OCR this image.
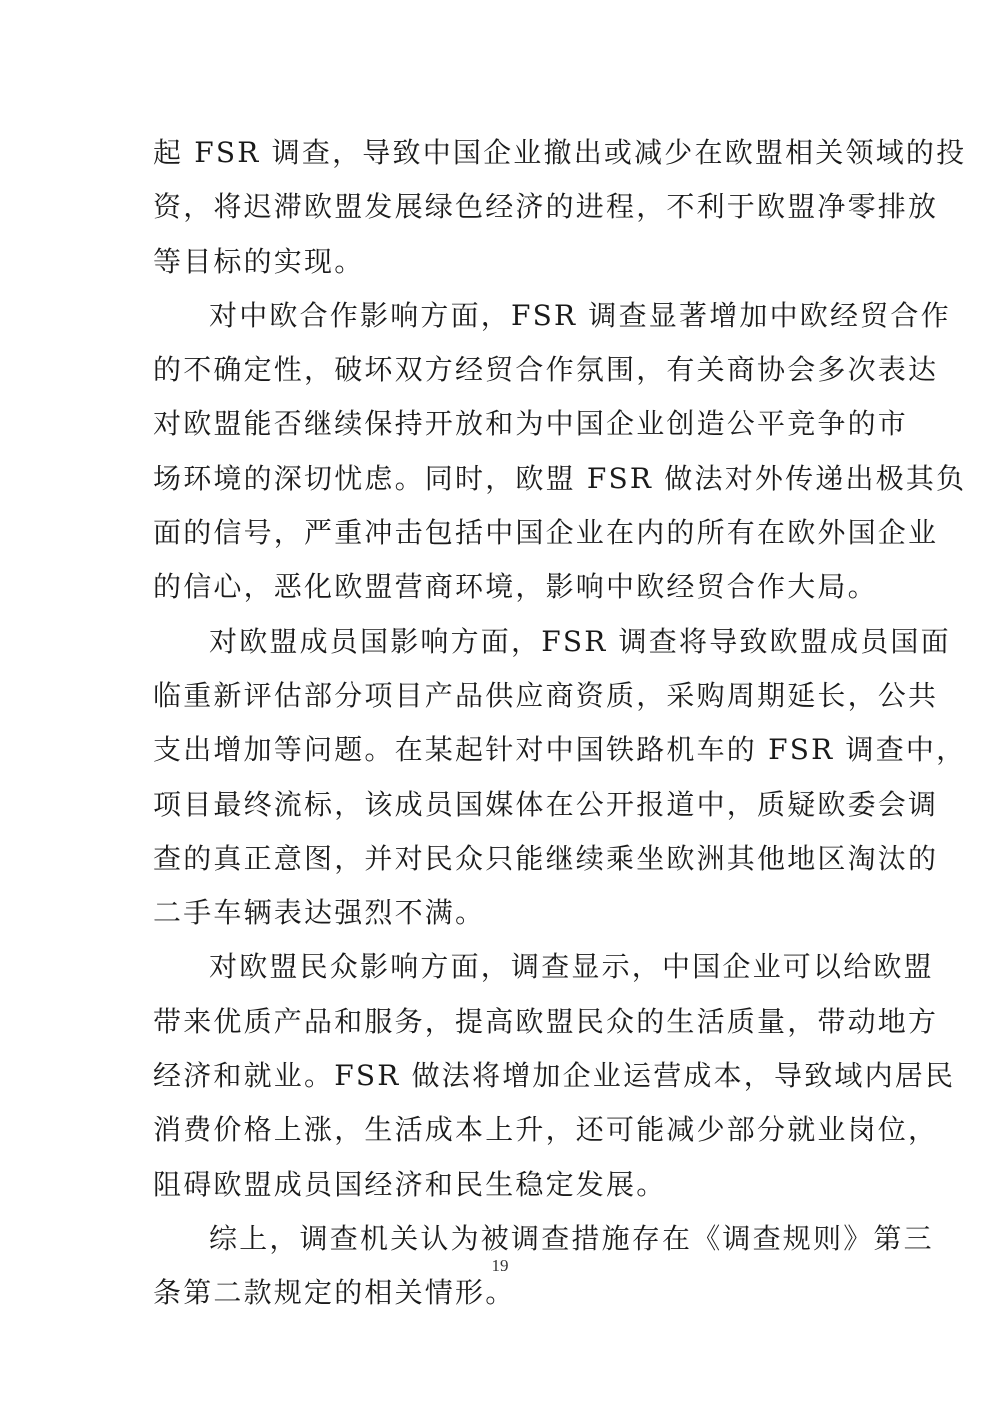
起 FSR 调查，导致中国企业撤出或减少在欧盟相关领域的投
资，将迟滞欧盟发展绿色经济的进程，不利于欧盟净零排放
等目标的实现。
对中欧合作影响方面，FSR 调查显著增加中欧经贸合作
的不确定性，破坏双方经贸合作氛围，有关商协会多次表达
对欧盟能否继续保持开放和为中国企业创造公平竞争的市
场环境的深切忧虑。同时，欧盟 FSR 做法对外传递出极其负
面的信号，严重冲击包括中国企业在内的所有在欧外国企业
的信心，恶化欧盟营商环境，影响中欧经贸合作大局。
对欧盟成员国影响方面，FSR 调查将导致欧盟成员国面
临重新评估部分项目产品供应商资质，采购周期延长，公共
支出增加等问题。在某起针对中国铁路机车的 FSR 调查中，
项目最终流标，该成员国媒体在公开报道中，质疑欧委会调
查的真正意图，并对民众只能继续乘坐欧洲其他地区淘汰的
二手车辆表达强烈不满。
对欧盟民众影响方面，调查显示，中国企业可以给欧盟
带来优质产品和服务，提高欧盟民众的生活质量，带动地方
经济和就业。FSR 做法将增加企业运营成本，导致域内居民
消费价格上涨，生活成本上升，还可能减少部分就业岗位，
阻碍欧盟成员国经济和民生稳定发展。
综上，调查机关认为被调查措施存在《调查规则》第三
条第二款规定的相关情形。
19
